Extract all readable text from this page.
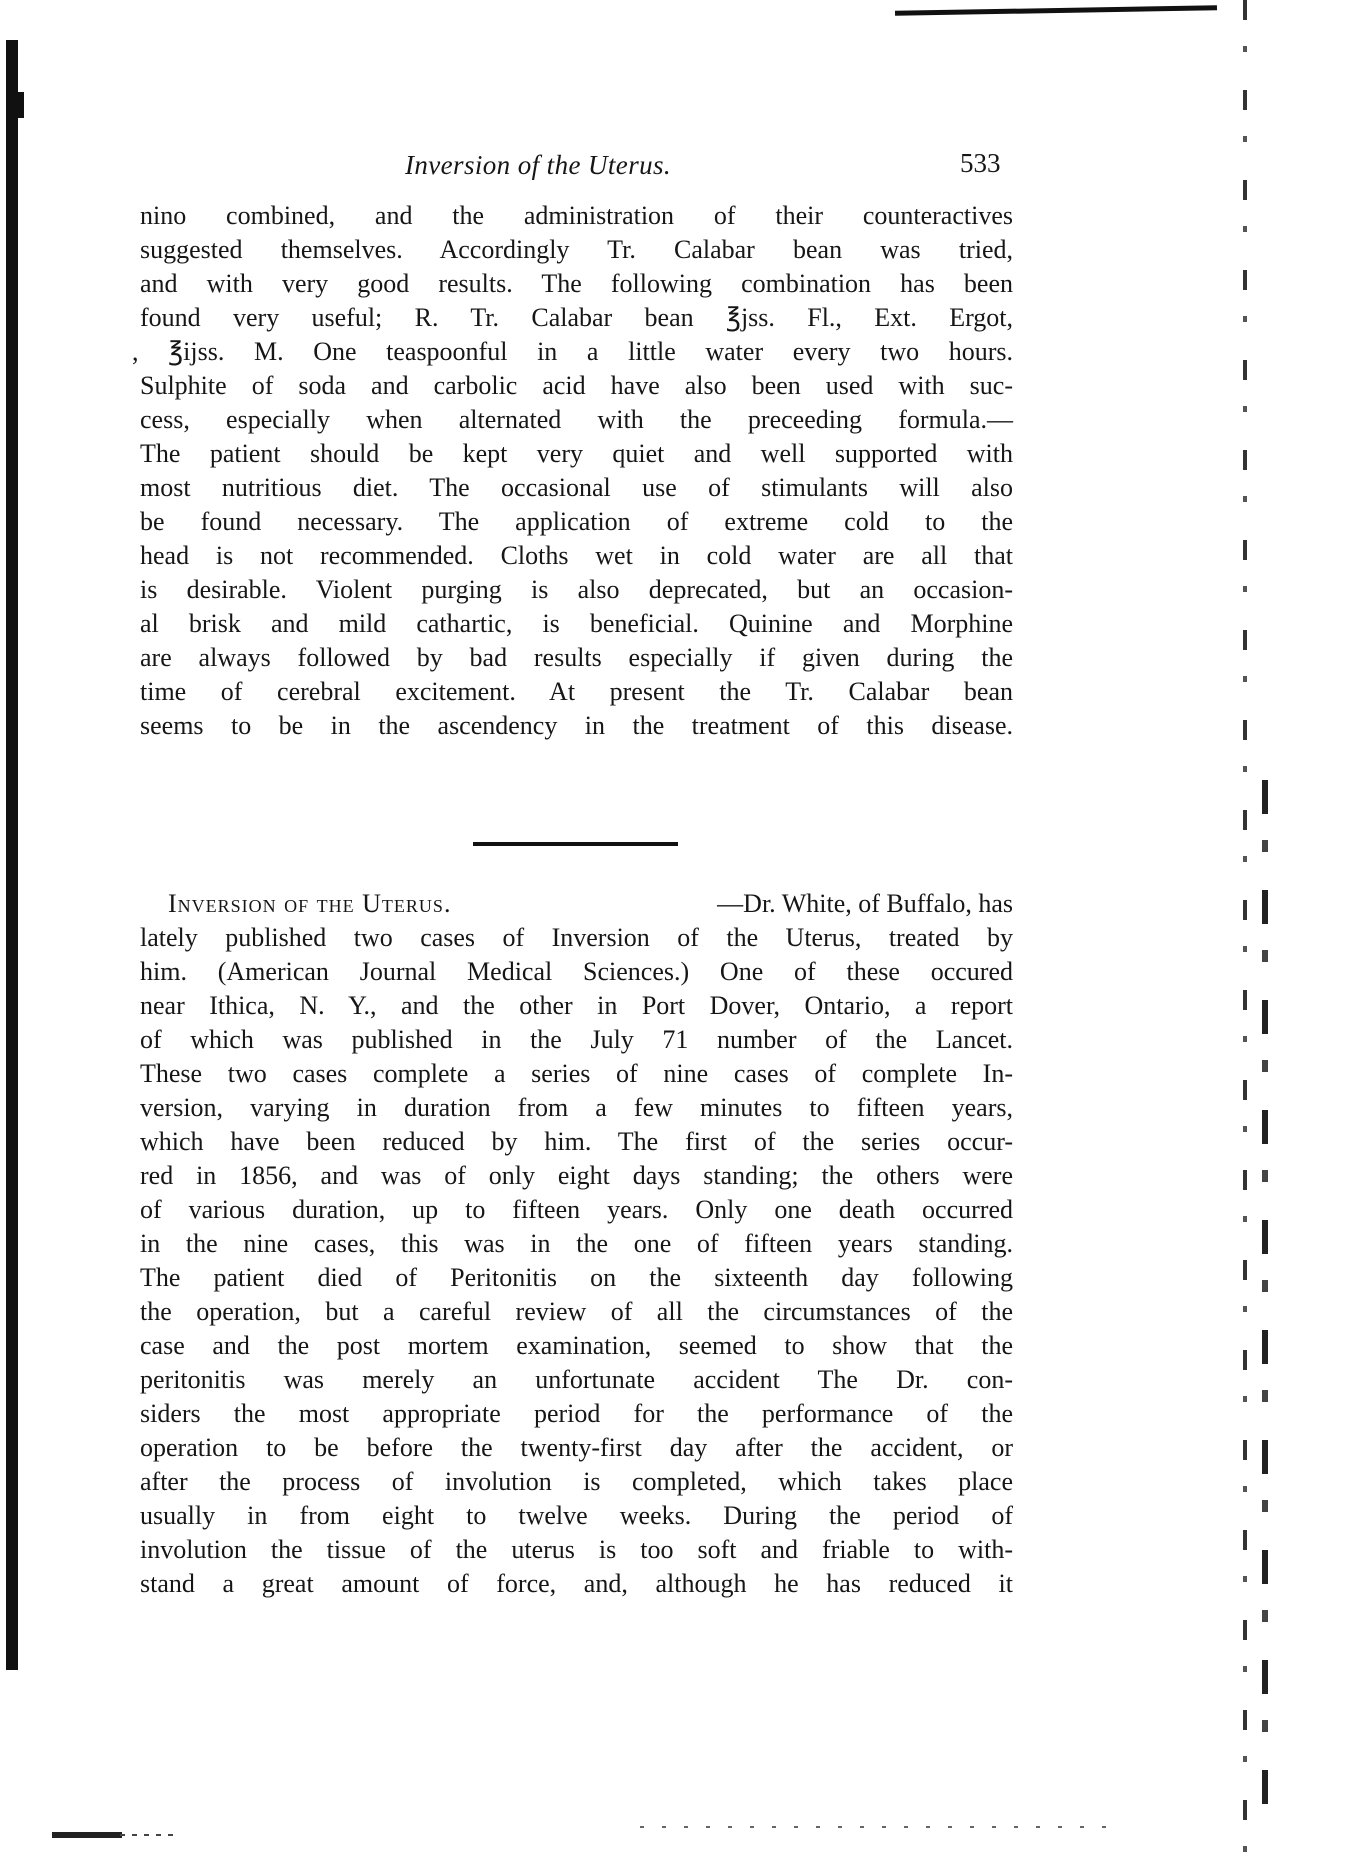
Inversion of the Uterus.	533
nino combined, and the administration of their counteractives
suggested themselves. Accordingly Tr. Calabar bean was tried,
and with very good results. The following combination has been
found very useful; R. Tr. Calabar bean ℥jss. Fl., Ext. Ergot,
, ℥ijss. M. One teaspoonful in a little water every two hours.
Sulphite of soda and carbolic acid have also been used with suc-
cess, especially when alternated with the preceeding formula.—
The patient should be kept very quiet and well supported with
most nutritious diet. The occasional use of stimulants will also
be found necessary. The application of extreme cold to the
head is not recommended. Cloths wet in cold water are all that
is desirable. Violent purging is also deprecated, but an occasion-
al brisk and mild cathartic, is beneficial. Quinine and Morphine
are always followed by bad results especially if given during the
time of cerebral excitement. At present the Tr. Calabar bean
seems to be in the ascendency in the treatment of this disease.
Inversion of the Uterus.	—Dr. White, of Buffalo, has
lately published two cases of Inversion of the Uterus, treated by
him. (American Journal Medical Sciences.) One of these occured
near Ithica, N. Y., and the other in Port Dover, Ontario, a report
of which was published in the July 71 number of the Lancet.
These two cases complete a series of nine cases of complete In-
version, varying in duration from a few minutes to fifteen years,
which have been reduced by him. The first of the series occur-
red in 1856, and was of only eight days standing; the others were
of various duration, up to fifteen years. Only one death occurred
in the nine cases, this was in the one of fifteen years standing.
The patient died of Peritonitis on the sixteenth day following
the operation, but a careful review of all the circumstances of the
case and the post mortem examination, seemed to show that the
peritonitis was merely an unfortunate accident The Dr. con-
siders the most appropriate period for the performance of the
operation to be before the twenty-first day after the accident, or
after the process of involution is completed, which takes place
usually in from eight to twelve weeks. During the period of
involution the tissue of the uterus is too soft and friable to with-
stand a great amount of force, and, although he has reduced it
